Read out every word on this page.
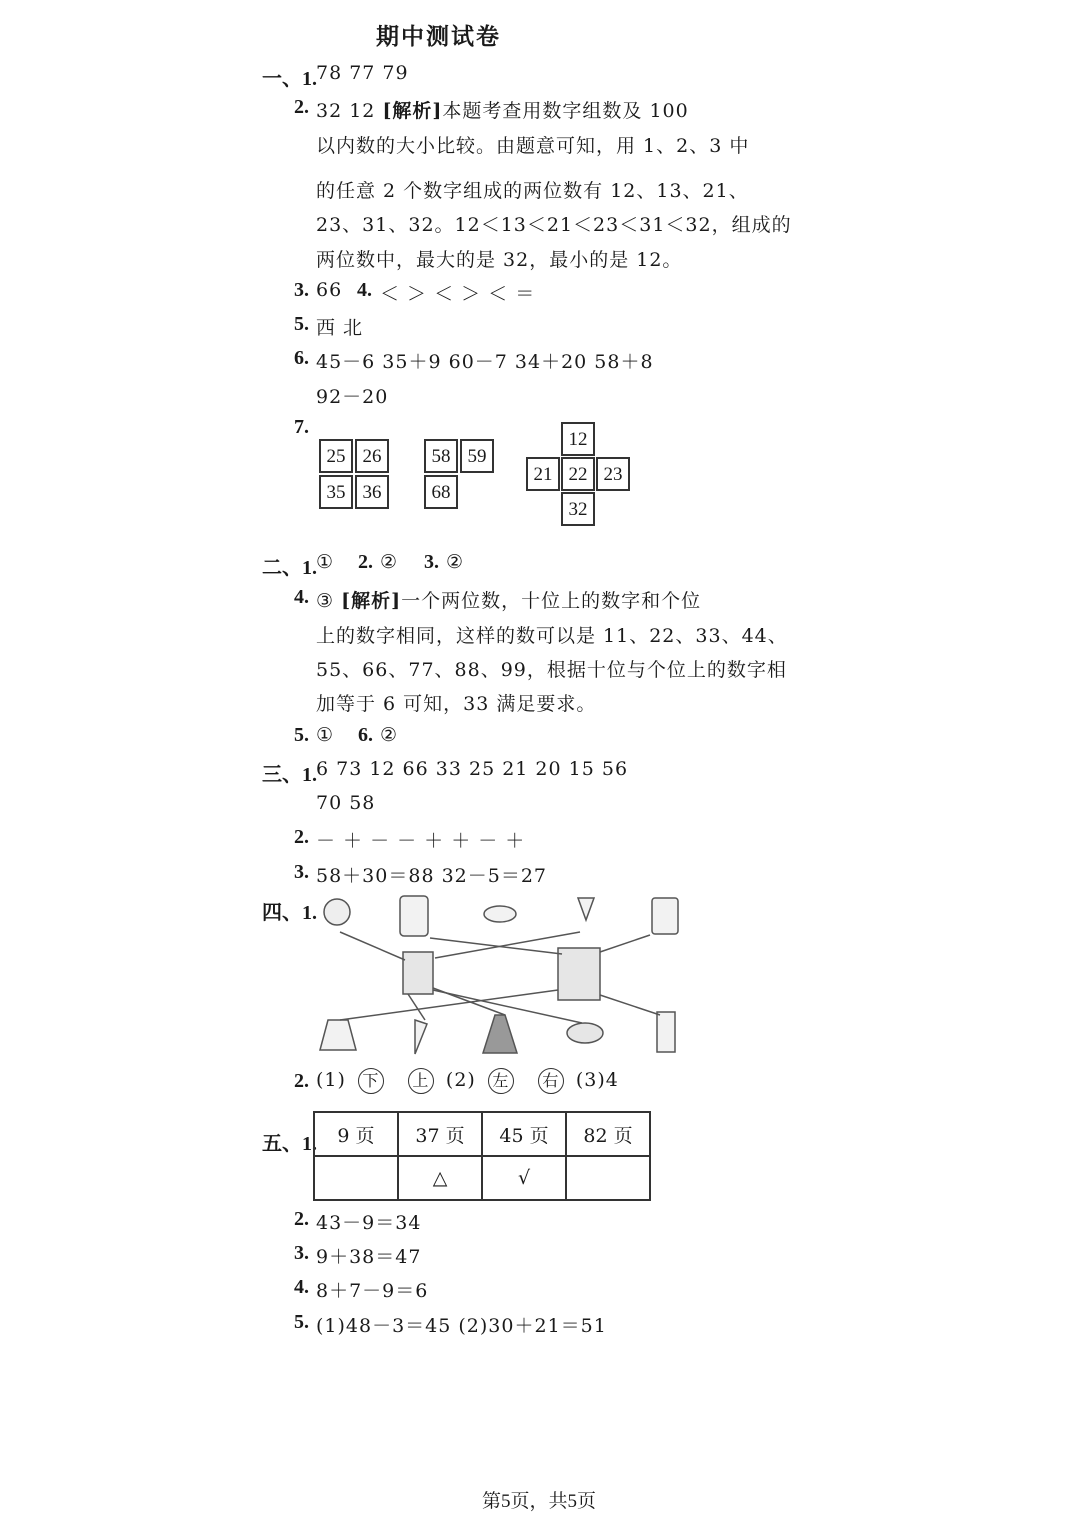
期中测试卷
一、1. 78 77 79
2. 32 12 [解析]本题考查用数字组数及 100
以内数的大小比较。由题意可知，用 1、2、3 中
的任意 2 个数字组成的两位数有 12、13、21、
23、31、32。12＜13＜21＜23＜31＜32，组成的
两位数中，最大的是 32，最小的是 12。
3. 66 4. ＜ ＞ ＜ ＞ ＜ ＝
5. 西 北
6. 45－6 35＋9 60－7 34＋20 58＋8
92－20
7.
25 26
35 36
58 59
68
12
21 22 23
32
二、1. ① 2. ② 3. ②
4. ③ [解析]一个两位数，十位上的数字和个位
上的数字相同，这样的数可以是 11、22、33、44、
55、66、77、88、99，根据十位与个位上的数字相
加等于 6 可知，33 满足要求。
5. ① 6. ②
三、1. 6 73 12 66 33 25 21 20 15 56
70 58
2. － ＋ － － ＋ ＋ － ＋
3. 58＋30＝88 32－5＝27
四、1.
2. (1) 下 上 (2) 左 右 (3)4
五、1. 9 页	37 页	45 页	82 页
	△	√	
2. 43－9＝34
3. 9＋38＝47
4. 8＋7－9＝6
5. (1)48－3＝45 (2)30＋21＝51
第5页，共5页
